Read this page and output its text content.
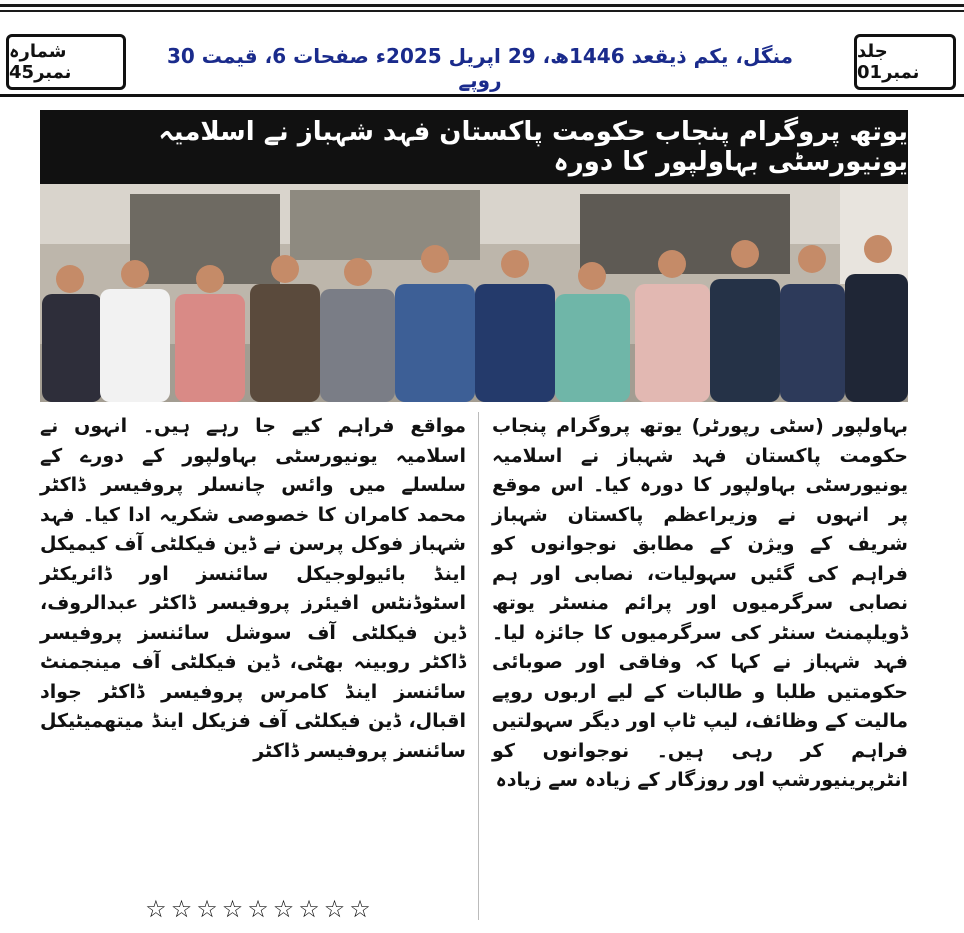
شمارہ نمبر45
منگل، یکم ذیقعد 1446ھ، 29 اپریل 2025ء صفحات 6، قیمت 30 روپے
جلد نمبر01
یوتھ پروگرام پنجاب حکومت پاکستان فہد شہباز نے اسلامیہ یونیورسٹی بہاولپور کا دورہ
بہاولپور (سٹی رپورٹر) یوتھ پروگرام پنجاب حکومت پاکستان فہد شہباز نے اسلامیہ یونیورسٹی بہاولپور کا دورہ کیا۔ اس موقع پر انہوں نے وزیراعظم پاکستان شہباز شریف کے ویژن کے مطابق نوجوانوں کو فراہم کی گئیں سہولیات، نصابی اور ہم نصابی سرگرمیوں اور پرائم منسٹر یوتھ ڈویلپمنٹ سنٹر کی سرگرمیوں کا جائزہ لیا۔ فہد شہباز نے کہا کہ وفاقی اور صوبائی حکومتیں طلبا و طالبات کے لیے اربوں روپے مالیت کے وظائف، لیپ ٹاپ اور دیگر سہولتیں فراہم کر رہی ہیں۔ نوجوانوں کو انٹرپرینیورشپ اور روزگار کے زیادہ سے زیادہ
مواقع فراہم کیے جا رہے ہیں۔ انہوں نے اسلامیہ یونیورسٹی بہاولپور کے دورے کے سلسلے میں وائس چانسلر پروفیسر ڈاکٹر محمد کامران کا خصوصی شکریہ ادا کیا۔ فہد شہباز فوکل پرسن نے ڈین فیکلٹی آف کیمیکل اینڈ بائیولوجیکل سائنسز اور ڈائریکٹر اسٹوڈنٹس افیئرز پروفیسر ڈاکٹر عبدالروف، ڈین فیکلٹی آف سوشل سائنسز پروفیسر ڈاکٹر روبینہ بھٹی، ڈین فیکلٹی آف مینجمنٹ سائنسز اینڈ کامرس پروفیسر ڈاکٹر جواد اقبال، ڈین فیکلٹی آف فزیکل اینڈ میتھمیٹیکل سائنسز پروفیسر ڈاکٹر
☆☆☆☆☆☆☆☆☆
